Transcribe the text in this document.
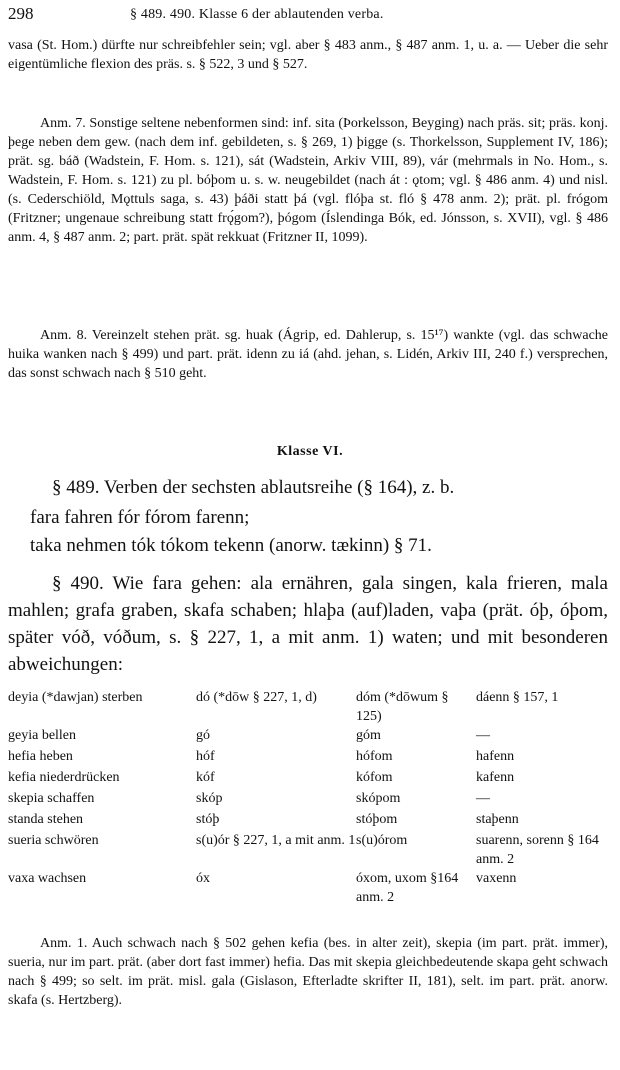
298	§ 489. 490. Klasse 6 der ablautenden verba.
vasa (St. Hom.) dürfte nur schreibfehler sein; vgl. aber § 483 anm., § 487 anm. 1, u. a. — Ueber die sehr eigentümliche flexion des präs. s. § 522, 3 und § 527.
Anm. 7. Sonstige seltene nebenformen sind: inf. sita (Þorkelsson, Beyging) nach präs. sit; präs. konj. þege neben dem gew. (nach dem inf. gebildeten, s. § 269, 1) þigge (s. Thorkelsson, Supplement IV, 186); prät. sg. báð (Wadstein, F. Hom. s. 121), sát (Wadstein, Arkiv VIII, 89), vár (mehrmals in No. Hom., s. Wadstein, F. Hom. s. 121) zu pl. bóþom u. s. w. neugebildet (nach át : ǫtom; vgl. § 486 anm. 4) und nisl. (s. Cederschiöld, Mǫttuls saga, s. 43) þáði statt þá (vgl. flóþa st. fló § 478 anm. 2); prät. pl. frógom (Fritzner; ungenaue schreibung statt frǫ́gom?), þógom (Íslendinga Bók, ed. Jónsson, s. XVII), vgl. § 486 anm. 4, § 487 anm. 2; part. prät. spät rekkuat (Fritzner II, 1099).
Anm. 8. Vereinzelt stehen prät. sg. huak (Ágrip, ed. Dahlerup, s. 15¹⁷) wankte (vgl. das schwache huika wanken nach § 499) und part. prät. idenn zu iá (ahd. jehan, s. Lidén, Arkiv III, 240 f.) versprechen, das sonst schwach nach § 510 geht.
Klasse VI.
§ 489. Verben der sechsten ablautsreihe (§ 164), z. b.
fara fahren fór fórom farenn;
taka nehmen tók tókom tekenn (anorw. tækinn) § 71.
§ 490. Wie fara gehen: ala ernähren, gala singen, kala frieren, mala mahlen; grafa graben, skafa schaben; hlaþa (auf)laden, vaþa (prät. óþ, óþom, später vóð, vóðum, s. § 227, 1, a mit anm. 1) waten; und mit besonderen abweichungen:
deyia (*dawjan) sterben	dó (*dōw § 227, 1, d)	dóm (*dōwum § 125)	dáenn § 157, 1
geyia bellen	gó	góm	—
hefia heben	hóf	hófom	hafenn
kefia niederdrücken	kóf	kófom	kafenn
skepia schaffen	skóp	skópom	—
standa stehen	stóþ	stóþom	staþenn
sueria schwören	s(u)ór § 227, 1, a mit anm. 1	s(u)órom	suarenn, sorenn § 164 anm. 2
vaxa wachsen	óx	óxom, uxom §164 anm. 2	vaxenn
Anm. 1. Auch schwach nach § 502 gehen kefia (bes. in alter zeit), skepia (im part. prät. immer), sueria, nur im part. prät. (aber dort fast immer) hefia. Das mit skepia gleichbedeutende skapa geht schwach nach § 499; so selt. im prät. misl. gala (Gislason, Efterladte skrifter II, 181), selt. im part. prät. anorw. skafa (s. Hertzberg).
